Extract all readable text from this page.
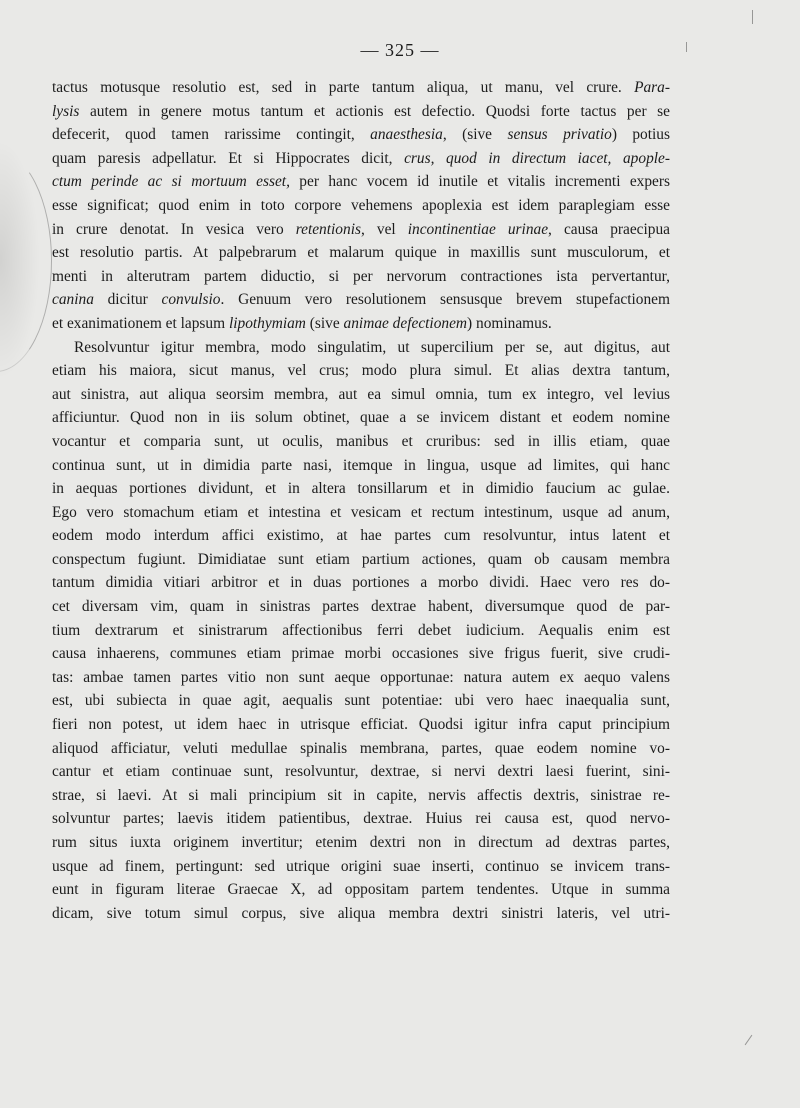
— 325 —
tactus motusque resolutio est, sed in parte tantum aliqua, ut manu, vel crure. Para-
lysis autem in genere motus tantum et actionis est defectio. Quodsi forte tactus per se
defecerit, quod tamen rarissime contingit, anaesthesia, (sive sensus privatio) potius
quam paresis adpellatur. Et si Hippocrates dicit, crus, quod in directum iacet, apople-
ctum perinde ac si mortuum esset, per hanc vocem id inutile et vitalis incrementi expers
esse significat; quod enim in toto corpore vehemens apoplexia est idem paraplegiam esse
in crure denotat. In vesica vero retentionis, vel incontinentiae urinae, causa praecipua
est resolutio partis. At palpebrarum et malarum quique in maxillis sunt musculorum, et
menti in alterutram partem diductio, si per nervorum contractiones ista pervertantur,
canina dicitur convulsio. Genuum vero resolutionem sensusque brevem stupefactionem
et exanimationem et lapsum lipothymiam (sive animae defectionem) nominamus.
Resolvuntur igitur membra, modo singulatim, ut supercilium per se, aut digitus, aut
etiam his maiora, sicut manus, vel crus; modo plura simul. Et alias dextra tantum,
aut sinistra, aut aliqua seorsim membra, aut ea simul omnia, tum ex integro, vel levius
afficiuntur. Quod non in iis solum obtinet, quae a se invicem distant et eodem nomine
vocantur et comparia sunt, ut oculis, manibus et cruribus: sed in illis etiam, quae
continua sunt, ut in dimidia parte nasi, itemque in lingua, usque ad limites, qui hanc
in aequas portiones dividunt, et in altera tonsillarum et in dimidio faucium ac gulae.
Ego vero stomachum etiam et intestina et vesicam et rectum intestinum, usque ad anum,
eodem modo interdum affici existimo, at hae partes cum resolvuntur, intus latent et
conspectum fugiunt. Dimidiatae sunt etiam partium actiones, quam ob causam membra
tantum dimidia vitiari arbitror et in duas portiones a morbo dividi. Haec vero res do-
cet diversam vim, quam in sinistras partes dextrae habent, diversumque quod de par-
tium dextrarum et sinistrarum affectionibus ferri debet iudicium. Aequalis enim est
causa inhaerens, communes etiam primae morbi occasiones sive frigus fuerit, sive crudi-
tas: ambae tamen partes vitio non sunt aeque opportunae: natura autem ex aequo valens
est, ubi subiecta in quae agit, aequalis sunt potentiae: ubi vero haec inaequalia sunt,
fieri non potest, ut idem haec in utrisque efficiat. Quodsi igitur infra caput principium
aliquod afficiatur, veluti medullae spinalis membrana, partes, quae eodem nomine vo-
cantur et etiam continuae sunt, resolvuntur, dextrae, si nervi dextri laesi fuerint, sini-
strae, si laevi. At si mali principium sit in capite, nervis affectis dextris, sinistrae re-
solvuntur partes; laevis itidem patientibus, dextrae. Huius rei causa est, quod nervo-
rum situs iuxta originem invertitur; etenim dextri non in directum ad dextras partes,
usque ad finem, pertingunt: sed utrique origini suae inserti, continuo se invicem trans-
eunt in figuram literae Graecae X, ad oppositam partem tendentes. Utque in summa
dicam, sive totum simul corpus, sive aliqua membra dextri sinistri lateris, vel utri-
